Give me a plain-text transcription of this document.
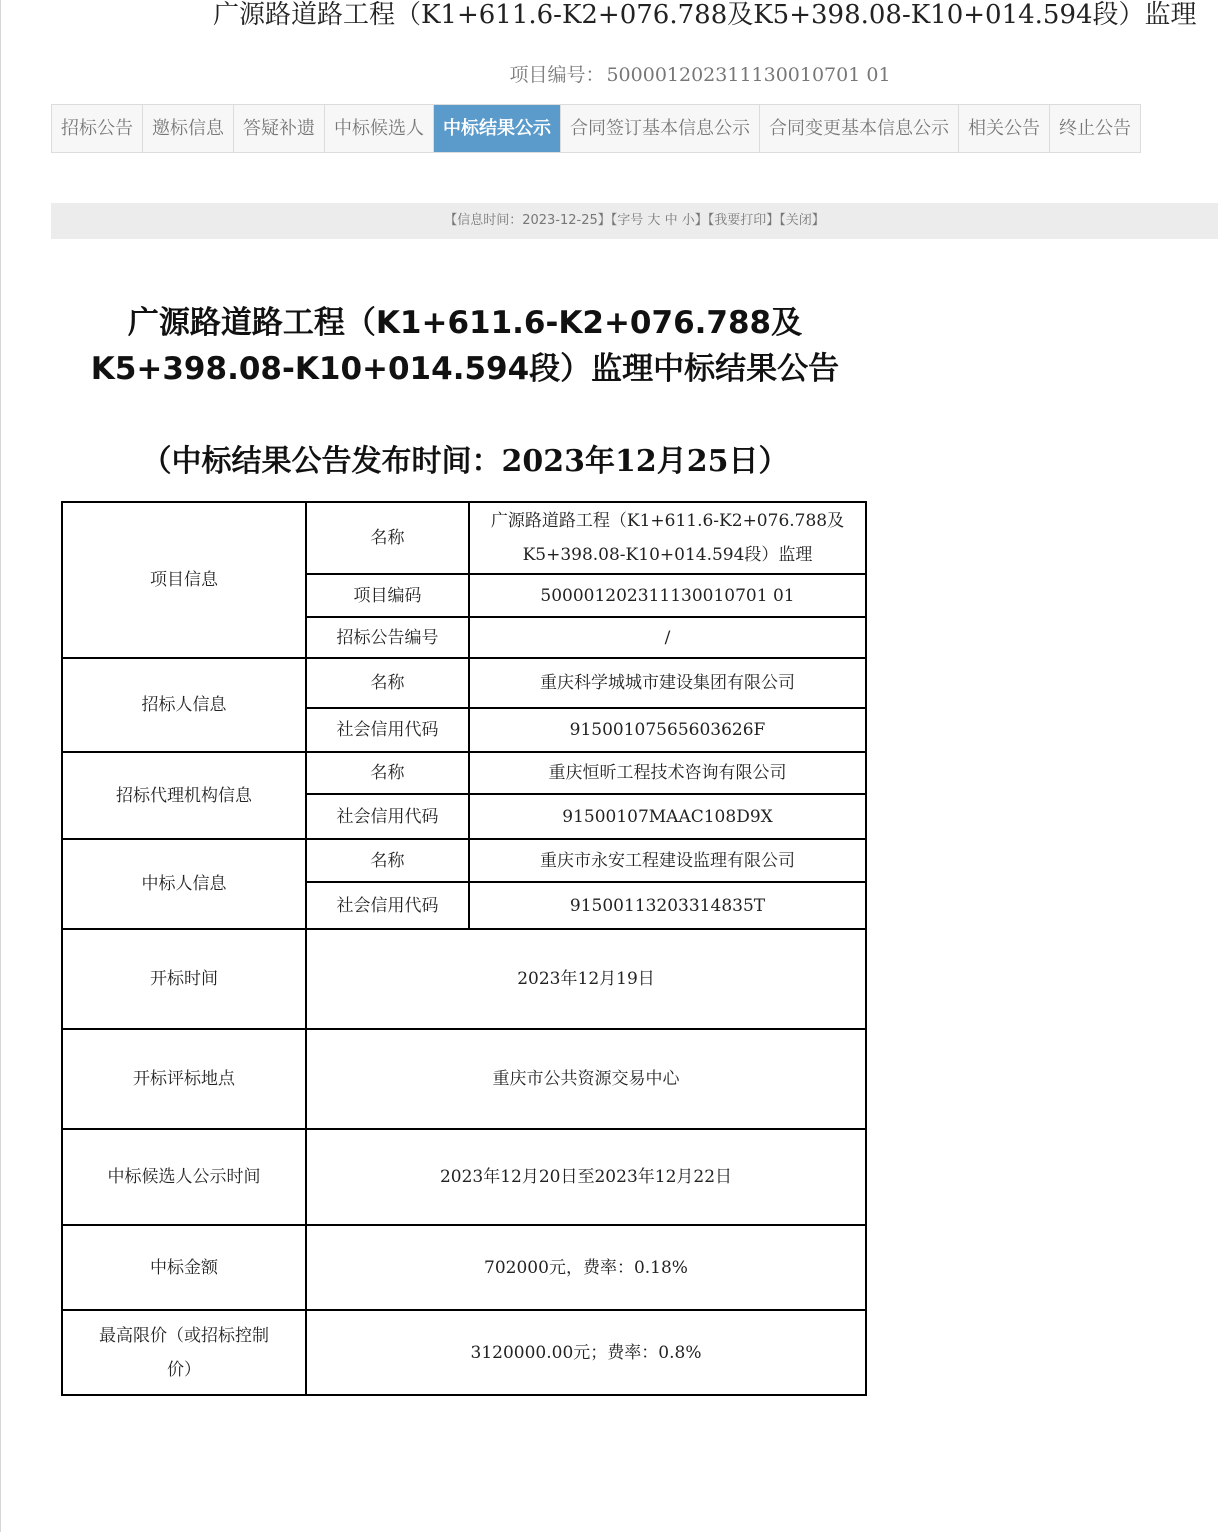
广源路道路工程（K1+611.6-K2+076.788及K5+398.08-K10+014.594段）监理
项目编号： 500001202311130010701 01
招标公告	邀标信息	答疑补遗	中标候选人	中标结果公示	合同签订基本信息公示	合同变更基本信息公示	相关公告	终止公告
【信息时间：2023-12-25】【字号 大 中 小】【我要打印】【关闭】
广源路道路工程（K1+611.6-K2+076.788及
K5+398.08-K10+014.594段）监理中标结果公告
（中标结果公告发布时间：2023年12月25日）
项目信息	名称	广源路道路工程（K1+611.6-K2+076.788及
K5+398.08-K10+014.594段）监理

	项目编码	500001202311130010701 01
	招标公告编号	/
招标人信息	名称	重庆科学城城市建设集团有限公司
	社会信用代码	91500107565603626F
招标代理机构信息	名称	重庆恒昕工程技术咨询有限公司
	社会信用代码	91500107MAAC108D9X
中标人信息	名称	重庆市永安工程建设监理有限公司
	社会信用代码	91500113203314835T
开标时间	2023年12月19日	
开标评标地点	重庆市公共资源交易中心	
中标候选人公示时间	2023年12月20日至2023年12月22日	
中标金额	702000元，费率：0.18%	

最高限价（或招标控制
价）	3120000.00元；费率：0.8%	
